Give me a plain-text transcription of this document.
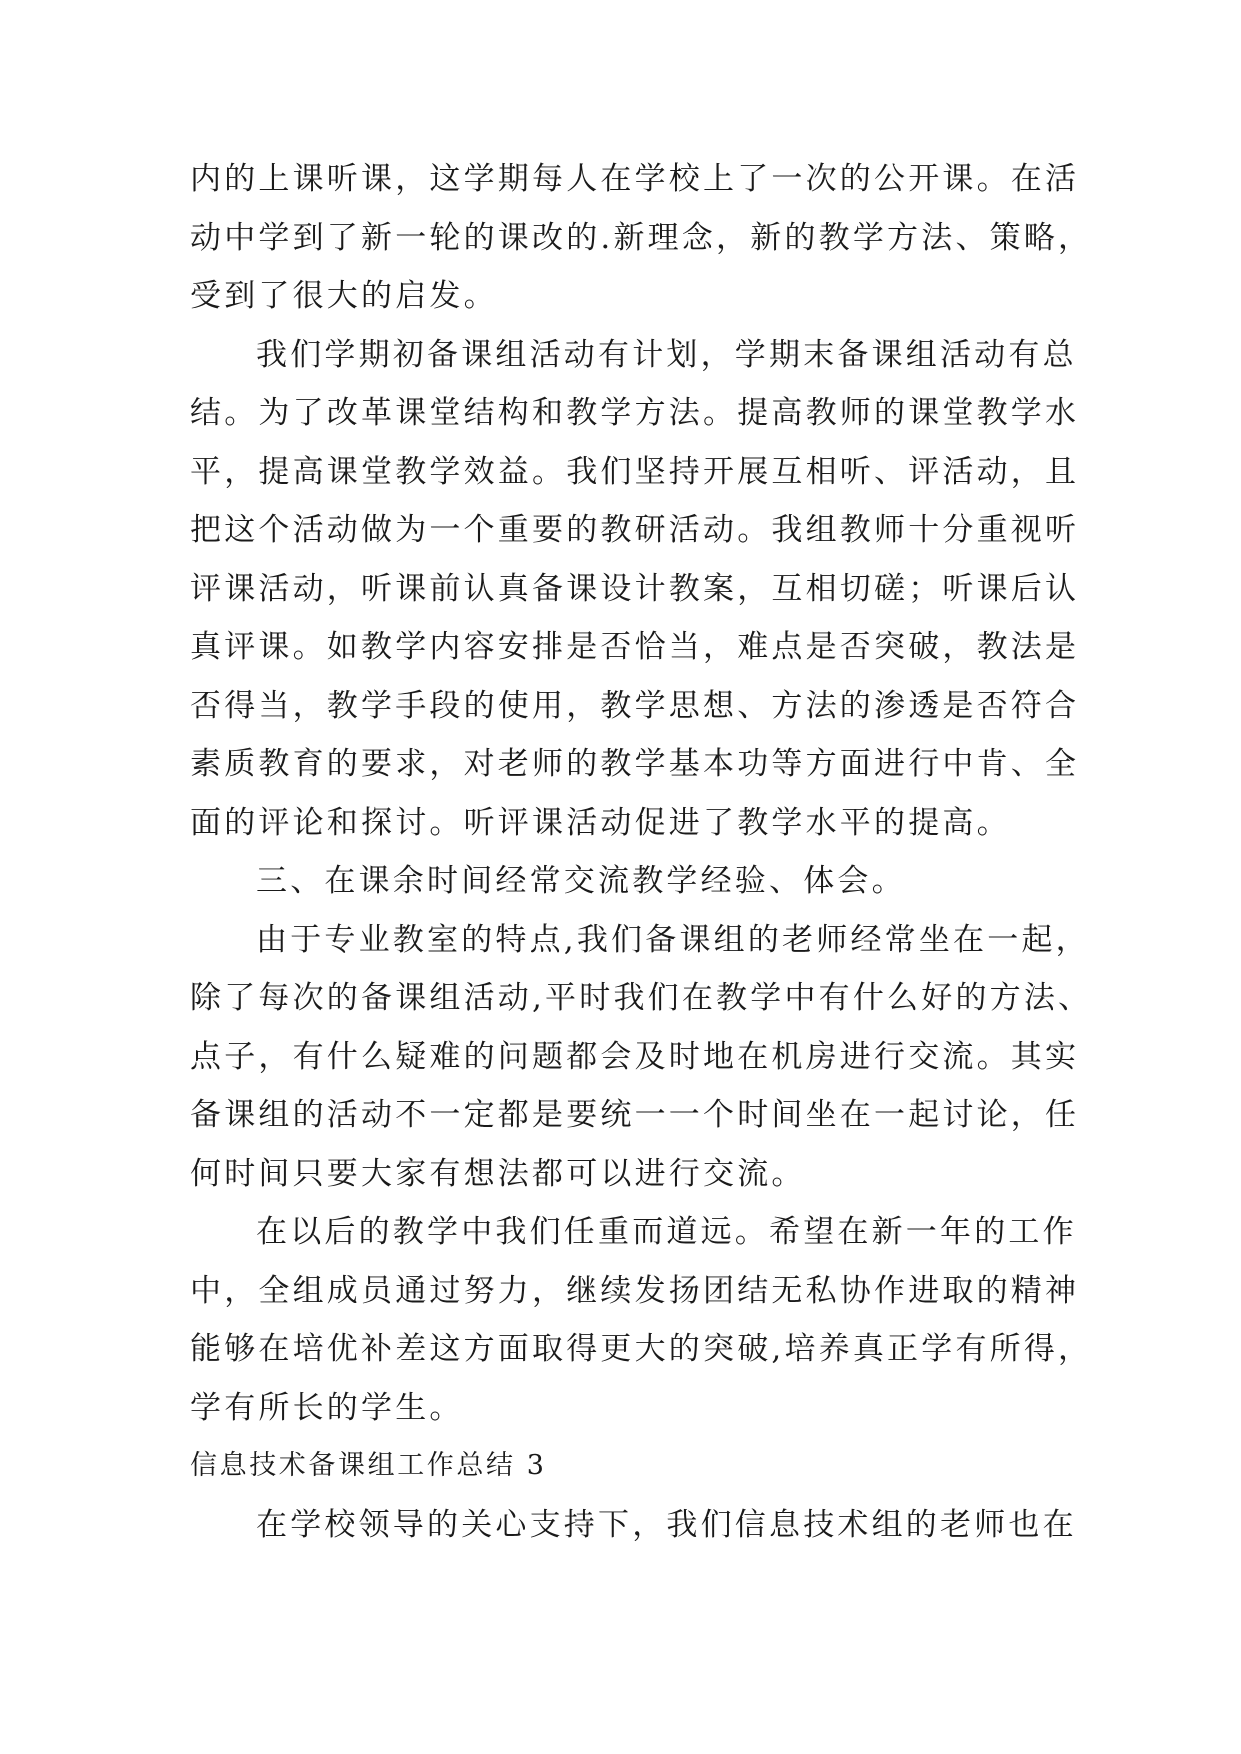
内的上课听课，这学期每人在学校上了一次的公开课。在活
动中学到了新一轮的课改的.新理念，新的教学方法、策略，
受到了很大的启发。
我们学期初备课组活动有计划，学期末备课组活动有总
结。为了改革课堂结构和教学方法。提高教师的课堂教学水
平，提高课堂教学效益。我们坚持开展互相听、评活动，且
把这个活动做为一个重要的教研活动。我组教师十分重视听
评课活动，听课前认真备课设计教案，互相切磋；听课后认
真评课。如教学内容安排是否恰当，难点是否突破，教法是
否得当，教学手段的使用，教学思想、方法的渗透是否符合
素质教育的要求，对老师的教学基本功等方面进行中肯、全
面的评论和探讨。听评课活动促进了教学水平的提高。
三、在课余时间经常交流教学经验、体会。
由于专业教室的特点,我们备课组的老师经常坐在一起，
除了每次的备课组活动,平时我们在教学中有什么好的方法、
点子，有什么疑难的问题都会及时地在机房进行交流。其实
备课组的活动不一定都是要统一一个时间坐在一起讨论，任
何时间只要大家有想法都可以进行交流。
在以后的教学中我们任重而道远。希望在新一年的工作
中，全组成员通过努力，继续发扬团结无私协作进取的精神
能够在培优补差这方面取得更大的突破,培养真正学有所得，
学有所长的学生。
信息技术备课组工作总结 3
在学校领导的关心支持下，我们信息技术组的老师也在
